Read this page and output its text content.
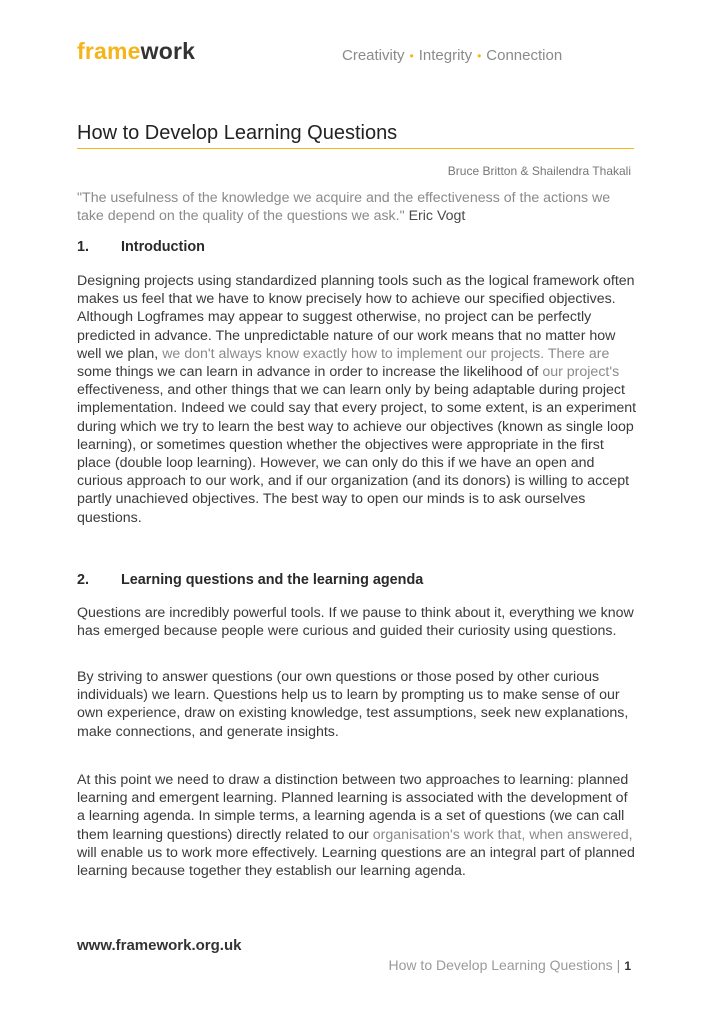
framework	Creativity • Integrity • Connection
How to Develop Learning Questions
Bruce Britton & Shailendra Thakali

"The usefulness of the knowledge we acquire and the effectiveness of the actions we take depend on the quality of the questions we ask." Eric Vogt

1. Introduction

Designing projects using standardized planning tools such as the logical framework often makes us feel that we have to know precisely how to achieve our specified objectives. Although Logframes may appear to suggest otherwise, no project can be perfectly predicted in advance. The unpredictable nature of our work means that no matter how well we plan, we don't always know exactly how to implement our projects. There are some things we can learn in advance in order to increase the likelihood of our project's effectiveness, and other things that we can learn only by being adaptable during project implementation. Indeed we could say that every project, to some extent, is an experiment during which we try to learn the best way to achieve our objectives (known as single loop learning), or sometimes question whether the objectives were appropriate in the first place (double loop learning). However, we can only do this if we have an open and curious approach to our work, and if our organization (and its donors) is willing to accept partly unachieved objectives. The best way to open our minds is to ask ourselves questions.

2. Learning questions and the learning agenda

Questions are incredibly powerful tools. If we pause to think about it, everything we know has emerged because people were curious and guided their curiosity using questions.

By striving to answer questions (our own questions or those posed by other curious individuals) we learn. Questions help us to learn by prompting us to make sense of our own experience, draw on existing knowledge, test assumptions, seek new explanations, make connections, and generate insights.

At this point we need to draw a distinction between two approaches to learning: planned learning and emergent learning. Planned learning is associated with the development of a learning agenda. In simple terms, a learning agenda is a set of questions (we can call them learning questions) directly related to our organisation's work that, when answered, will enable us to work more effectively. Learning questions are an integral part of planned learning because together they establish our learning agenda.

www.framework.org.uk
How to Develop Learning Questions | 1
